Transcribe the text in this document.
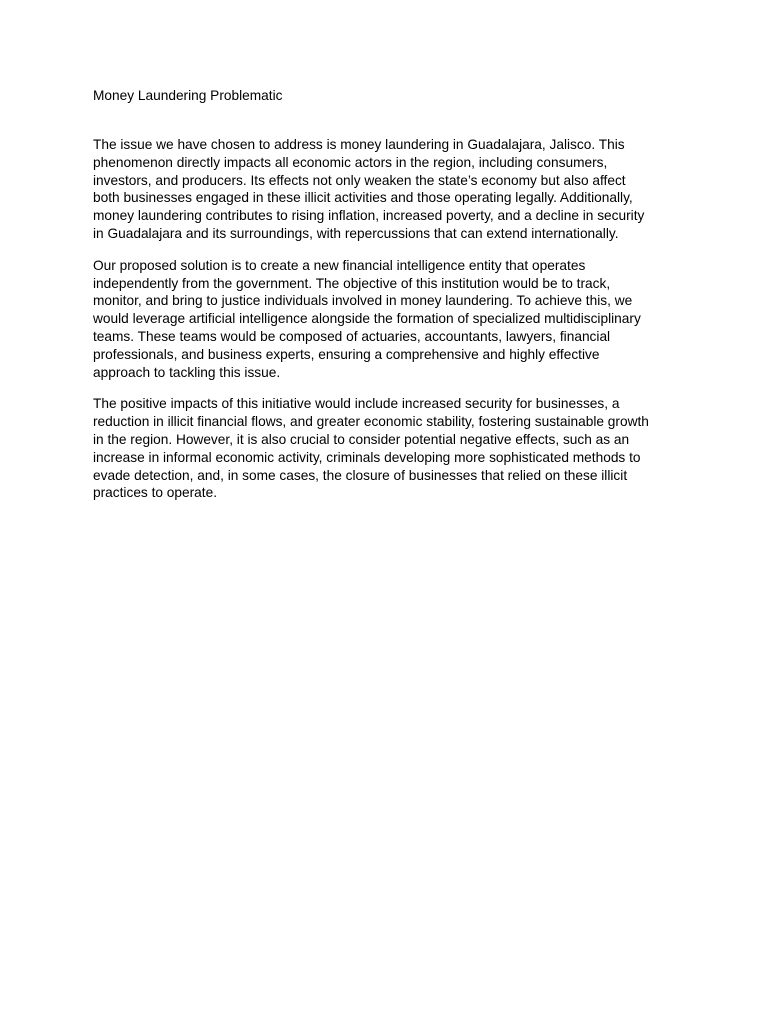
Money Laundering Problematic

The issue we have chosen to address is money laundering in Guadalajara, Jalisco. This
phenomenon directly impacts all economic actors in the region, including consumers,
investors, and producers. Its effects not only weaken the state’s economy but also affect
both businesses engaged in these illicit activities and those operating legally. Additionally,
money laundering contributes to rising inflation, increased poverty, and a decline in security
in Guadalajara and its surroundings, with repercussions that can extend internationally.

Our proposed solution is to create a new financial intelligence entity that operates
independently from the government. The objective of this institution would be to track,
monitor, and bring to justice individuals involved in money laundering. To achieve this, we
would leverage artificial intelligence alongside the formation of specialized multidisciplinary
teams. These teams would be composed of actuaries, accountants, lawyers, financial
professionals, and business experts, ensuring a comprehensive and highly effective
approach to tackling this issue.

The positive impacts of this initiative would include increased security for businesses, a
reduction in illicit financial flows, and greater economic stability, fostering sustainable growth
in the region. However, it is also crucial to consider potential negative effects, such as an
increase in informal economic activity, criminals developing more sophisticated methods to
evade detection, and, in some cases, the closure of businesses that relied on these illicit
practices to operate.
